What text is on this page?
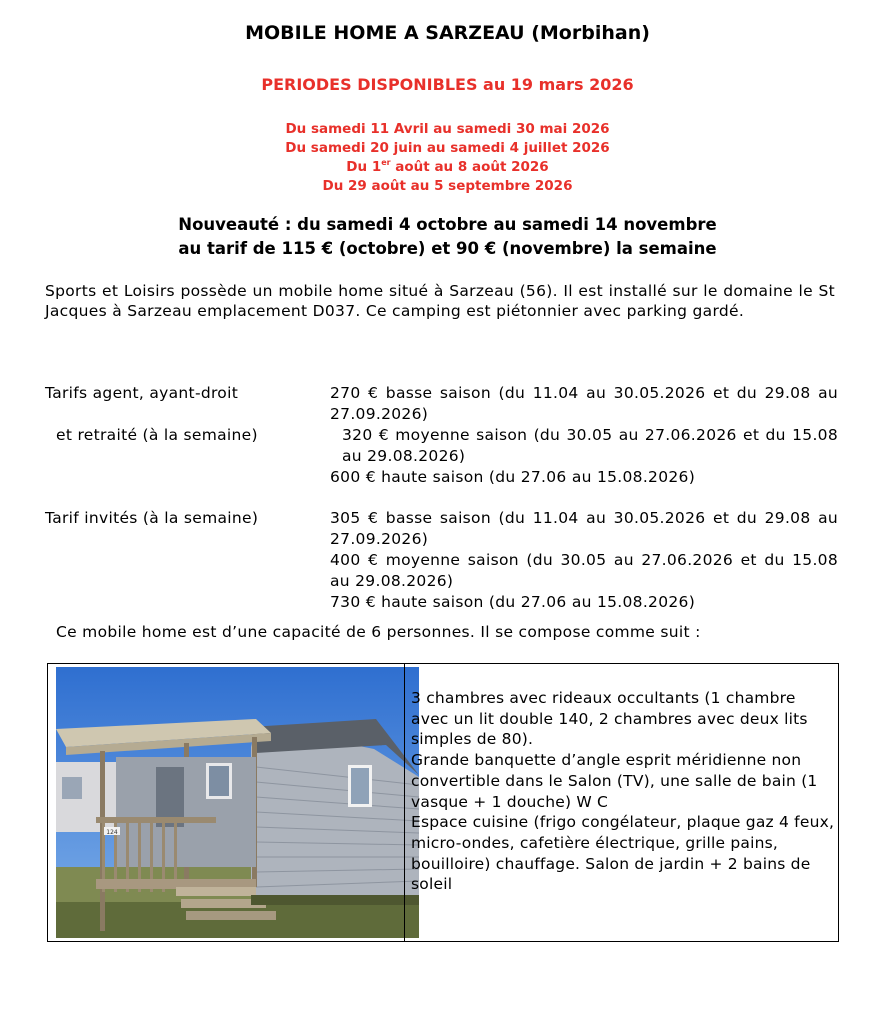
MOBILE HOME A SARZEAU (Morbihan)
PERIODES DISPONIBLES au 19 mars 2026
Du samedi 11 Avril au samedi 30 mai 2026
Du samedi 20 juin au samedi 4 juillet 2026
Du 1er août au 8 août 2026
Du 29 août au 5 septembre 2026
Nouveauté : du samedi 4 octobre au samedi 14 novembre
au tarif de 115 € (octobre) et 90 € (novembre) la semaine
Sports et Loisirs possède un mobile home situé à Sarzeau (56). Il est installé sur le domaine le St Jacques à Sarzeau emplacement D037. Ce camping est piétonnier avec parking gardé.
Tarifs agent, ayant-droit
et retraité (à la semaine)
270 € basse saison (du 11.04 au 30.05.2026 et du 29.08 au 27.09.2026)
320 € moyenne saison (du 30.05 au 27.06.2026 et du 15.08 au 29.08.2026)
600 € haute saison (du 27.06 au 15.08.2026)
Tarif invités (à la semaine)	305 € basse saison (du 11.04 au 30.05.2026 et du 29.08 au 27.09.2026)
400 € moyenne saison (du 30.05 au 27.06.2026 et du 15.08 au 29.08.2026)
730 € haute saison (du 27.06 au 15.08.2026)
Ce mobile home est d’une capacité de 6 personnes. Il se compose comme suit :
124
3 chambres avec rideaux occultants (1 chambre
avec un lit double 140, 2 chambres avec deux lits
simples de 80).
Grande banquette d’angle esprit méridienne non
convertible dans le Salon (TV), une salle de bain (1
vasque + 1 douche) W C
Espace cuisine (frigo congélateur, plaque gaz 4 feux,
micro-ondes, cafetière électrique, grille pains,
bouilloire) chauffage. Salon de jardin + 2 bains de
soleil
